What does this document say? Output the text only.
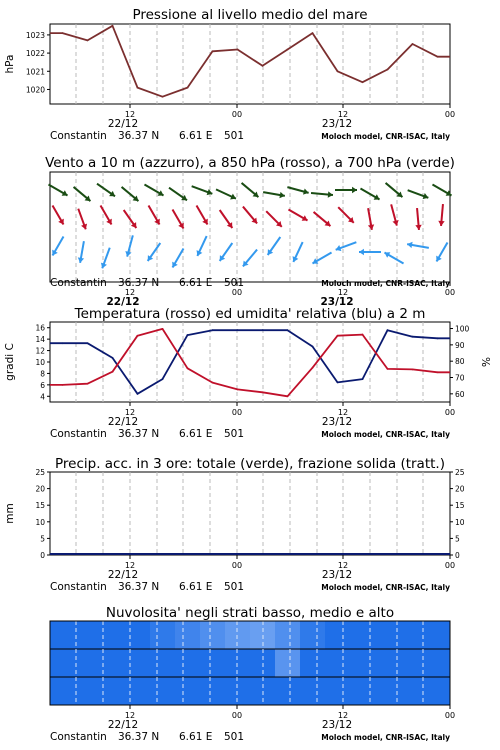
Pressione al livello medio del mare
1020
1021
1022
1023
hPa
12	00	12	00
22/12	23/12
Constantin 36.37 N 6.61 E 501	Moloch model, CNR-ISAC, Italy
Vento a 10 m (azzurro), a 850 hPa (rosso), a 700 hPa (verde)
12	00	12	00
22/12	23/12
Constantin 36.37 N 6.61 E 501	Moloch model, CNR-ISAC, Italy
Temperatura (rosso) ed umidita' relativa (blu) a 2 m
4
6
8
10
12
14
16
gradi C
60
70
80
90
100
%
12	00	12	00
22/12	23/12
Constantin 36.37 N 6.61 E 501	Moloch model, CNR-ISAC, Italy
Precip. acc. in 3 ore: totale (verde), frazione solida (tratt.)
0
5
10
15
20
25
mm
0
5
10
15
20
25
12	00	12	00
22/12	23/12
Constantin 36.37 N 6.61 E 501	Moloch model, CNR-ISAC, Italy
Nuvolosita' negli strati basso, medio e alto
12	00	12	00
22/12	23/12
Constantin 36.37 N 6.61 E 501	Moloch model, CNR-ISAC, Italy
